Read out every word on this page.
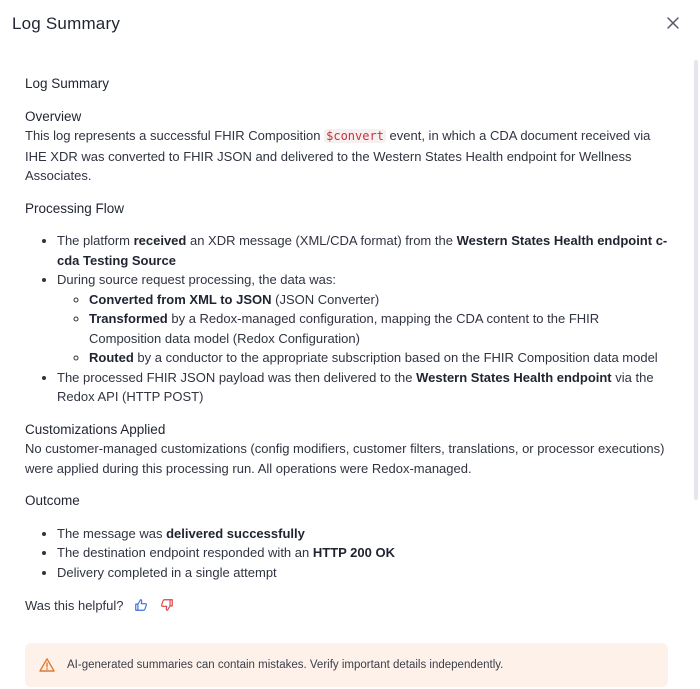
Log Summary
Log Summary
Overview

This log represents a successful FHIR Composition $convert event, in which a CDA document received via IHE XDR was converted to FHIR JSON and delivered to the Western States Health endpoint for Wellness Associates.

Processing Flow
• The platform received an XDR message (XML/CDA format) from the Western States Health endpoint c-cda Testing Source
• During source request processing, the data was:
◦ Converted from XML to JSON (JSON Converter)
◦ Transformed by a Redox-managed configuration, mapping the CDA content to the FHIR Composition data model (Redox Configuration)
◦ Routed by a conductor to the appropriate subscription based on the FHIR Composition data model
• The processed FHIR JSON payload was then delivered to the Western States Health endpoint via the Redox API (HTTP POST)
Customizations Applied

No customer-managed customizations (config modifiers, customer filters, translations, or processor executions) were applied during this processing run. All operations were Redox-managed.

Outcome
• The message was delivered successfully
• The destination endpoint responded with an HTTP 200 OK
• Delivery completed in a single attempt
Was this helpful?
AI-generated summaries can contain mistakes. Verify important details independently.
